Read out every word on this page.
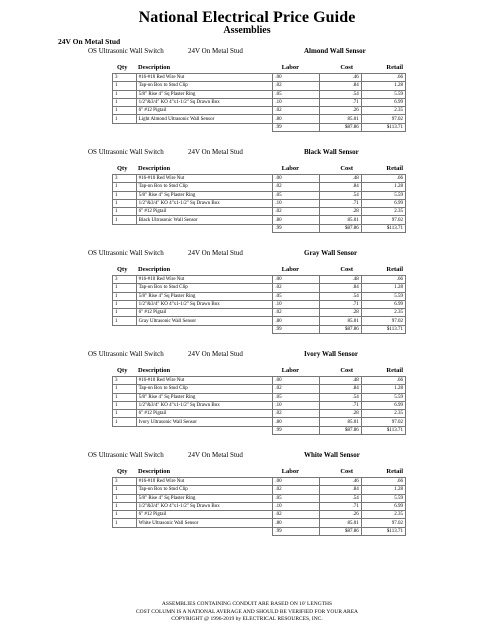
National Electrical Price Guide
Assemblies
24V On Metal Stud
OS Ultrasonic Wall Switch	24V On Metal Stud	Almond Wall Sensor
Qty Description	Labor	Cost	Retail
3	#16-#10 Red Wire Nut	.00	.46	.66
1	Tap-on Box to Stud Clip	.02	.84	1.28
1	5/8" Rise 4" Sq Plaster Ring	.05	.54	5.59
1	1/2"&3/4" KO 4"x1-1/2" Sq Drawn Box	.10	.71	6.99
1	6" #12 Pigtail	.02	.26	2.35
1	Light Almond Ultrasonic Wall Sensor	.80	85.01	97.02
		.99	$87.86	$113.71
OS Ultrasonic Wall Switch	24V On Metal Stud	Black Wall Sensor
Qty Description	Labor	Cost	Retail
3	#16-#10 Red Wire Nut	.00	.48	.66
1	Tap-on Box to Stud Clip	.02	.84	1.28
1	5/8" Rise 4" Sq Plaster Ring	.05	.54	5.59
1	1/2"&3/4" KO 4"x1-1/2" Sq Drawn Box	.10	.71	6.99
1	6" #12 Pigtail	.02	.28	2.35
1	Black Ultrasonic Wall Sensor	.80	85.01	97.02
		.99	$87.86	$113.71
OS Ultrasonic Wall Switch	24V On Metal Stud	Gray Wall Sensor
Qty Description	Labor	Cost	Retail
3	#16-#10 Red Wire Nut	.00	.48	.66
1	Tap-on Box to Stud Clip	.02	.84	1.28
1	5/8" Rise 4" Sq Plaster Ring	.05	.54	5.59
1	1/2"&3/4" KO 4"x1-1/2" Sq Drawn Box	.10	.71	6.99
1	6" #12 Pigtail	.02	.28	2.35
1	Gray Ultrasonic Wall Sensor	.80	85.01	97.02
		.99	$87.86	$113.71
OS Ultrasonic Wall Switch	24V On Metal Stud	Ivory Wall Sensor
Qty Description	Labor	Cost	Retail
3	#16-#10 Red Wire Nut	.00	.48	.66
1	Tap-on Box to Stud Clip	.02	.84	1.28
1	5/8" Rise 4" Sq Plaster Ring	.05	.54	5.59
1	1/2"&3/4" KO 4"x1-1/2" Sq Drawn Box	.10	.71	6.99
1	6" #12 Pigtail	.02	.28	2.35
1	Ivory Ultrasonic Wall Sensor	.80	85.01	97.02
		.99	$87.86	$113.71
OS Ultrasonic Wall Switch	24V On Metal Stud	White Wall Sensor
Qty Description	Labor	Cost	Retail
3	#16-#10 Red Wire Nut	.00	.46	.66
1	Tap-on Box to Stud Clip	.02	.84	1.28
1	5/8" Rise 4" Sq Plaster Ring	.05	.54	5.59
1	1/2"&3/4" KO 4"x1-1/2" Sq Drawn Box	.10	.71	6.99
1	6" #12 Pigtail	.02	.26	2.35
1	White Ultrasonic Wall Sensor	.80	85.01	97.02
		.99	$87.86	$113.71
ASSEMBLIES CONTAINING CONDUIT ARE BASED ON 10' LENGTHS
COST COLUMN IS A NATIONAL AVERAGE AND SHOULD BE VERIFIED FOR YOUR AREA
COPYRIGHT @ 1996-2019 by ELECTRICAL RESOURCES, INC.
